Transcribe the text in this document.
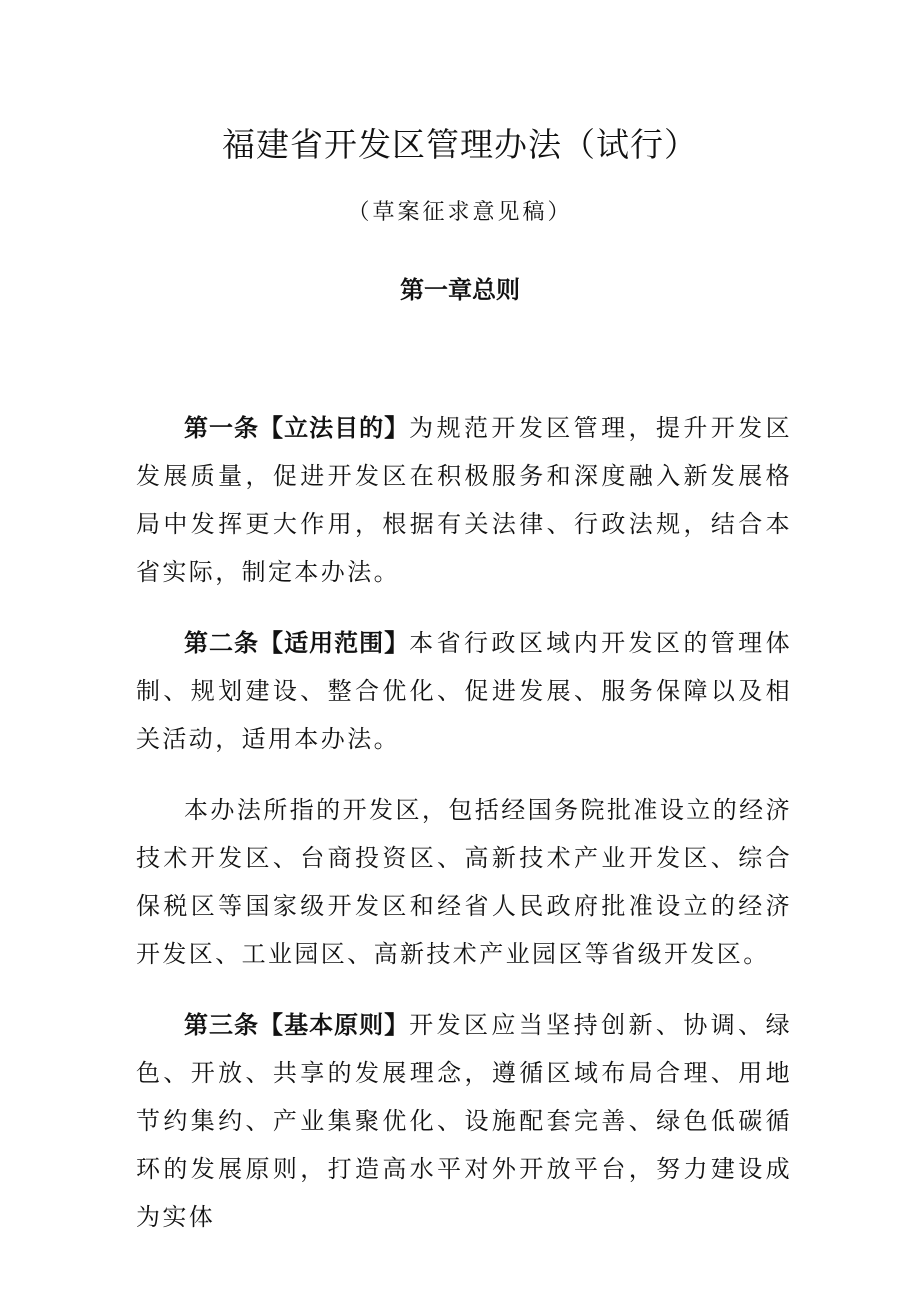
福建省开发区管理办法（试行）
（草案征求意见稿）
第一章总则

第一条【立法目的】为规范开发区管理，提升开发区发展质量，促进开发区在积极服务和深度融入新发展格局中发挥更大作用，根据有关法律、行政法规，结合本省实际，制定本办法。

第二条【适用范围】本省行政区域内开发区的管理体制、规划建设、整合优化、促进发展、服务保障以及相关活动，适用本办法。

本办法所指的开发区，包括经国务院批准设立的经济技术开发区、台商投资区、高新技术产业开发区、综合保税区等国家级开发区和经省人民政府批准设立的经济开发区、工业园区、高新技术产业园区等省级开发区。

第三条【基本原则】开发区应当坚持创新、协调、绿色、开放、共享的发展理念，遵循区域布局合理、用地节约集约、产业集聚优化、设施配套完善、绿色低碳循环的发展原则，打造高水平对外开放平台，努力建设成为实体
